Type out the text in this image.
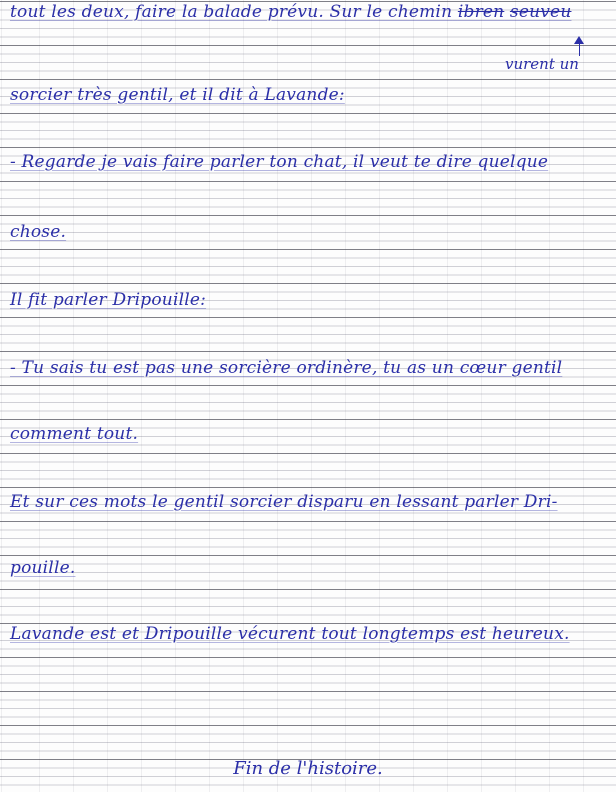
tout les deux, faire la balade prévu. Sur le chemin ibren seuveu
vurent un
sorcier très gentil, et il dit à Lavande:
- Regarde je vais faire parler ton chat, il veut te dire quelque
chose.
Il fit parler Dripouille:
- Tu sais tu est pas une sorcière ordinère, tu as un cœur gentil
comment tout.
Et sur ces mots le gentil sorcier disparu en lessant parler Dri-
pouille.
Lavande est et Dripouille vécurent tout longtemps est heureux.
Fin de l'histoire.
